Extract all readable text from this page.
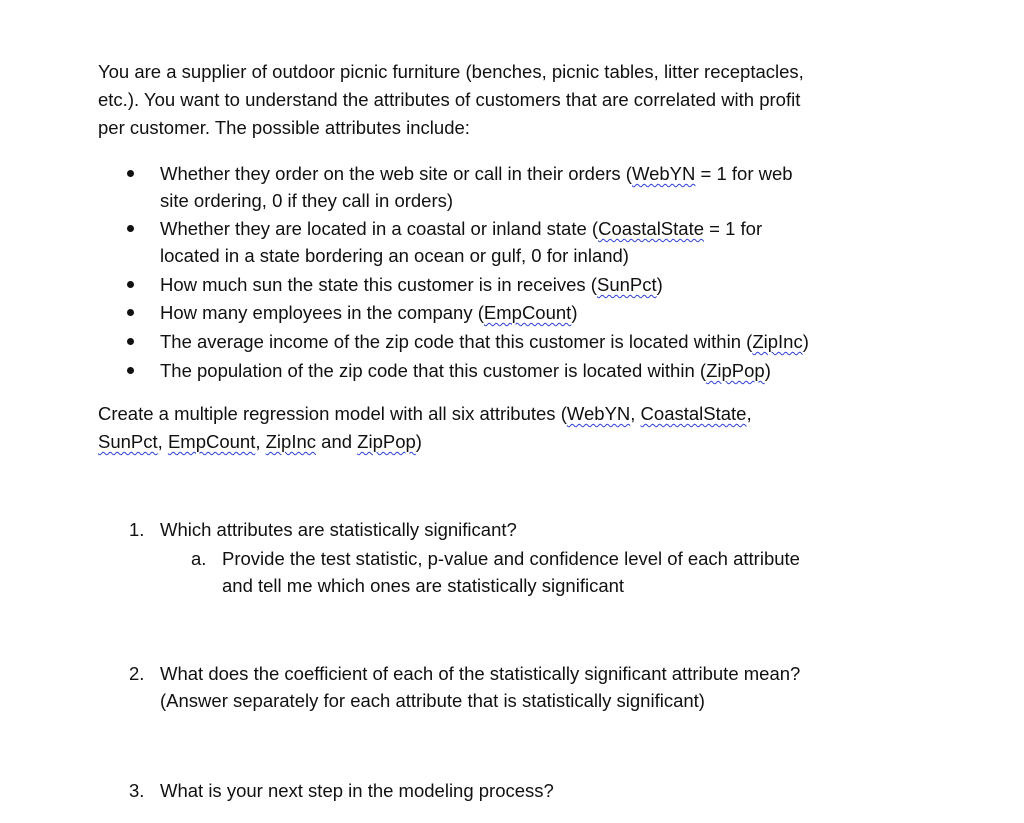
You are a supplier of outdoor picnic furniture (benches, picnic tables, litter receptacles,
etc.). You want to understand the attributes of customers that are correlated with profit
per customer. The possible attributes include:
Whether they order on the web site or call in their orders (WebYN = 1 for web
site ordering, 0 if they call in orders)
Whether they are located in a coastal or inland state (CoastalState = 1 for
located in a state bordering an ocean or gulf, 0 for inland)
How much sun the state this customer is in receives (SunPct)
How many employees in the company (EmpCount)
The average income of the zip code that this customer is located within (ZipInc)
The population of the zip code that this customer is located within (ZipPop)
Create a multiple regression model with all six attributes (WebYN, CoastalState,
SunPct, EmpCount, ZipInc and ZipPop)
1. Which attributes are statistically significant?
a. Provide the test statistic, p-value and confidence level of each attribute
and tell me which ones are statistically significant
2. What does the coefficient of each of the statistically significant attribute mean?
(Answer separately for each attribute that is statistically significant)
3. What is your next step in the modeling process?
